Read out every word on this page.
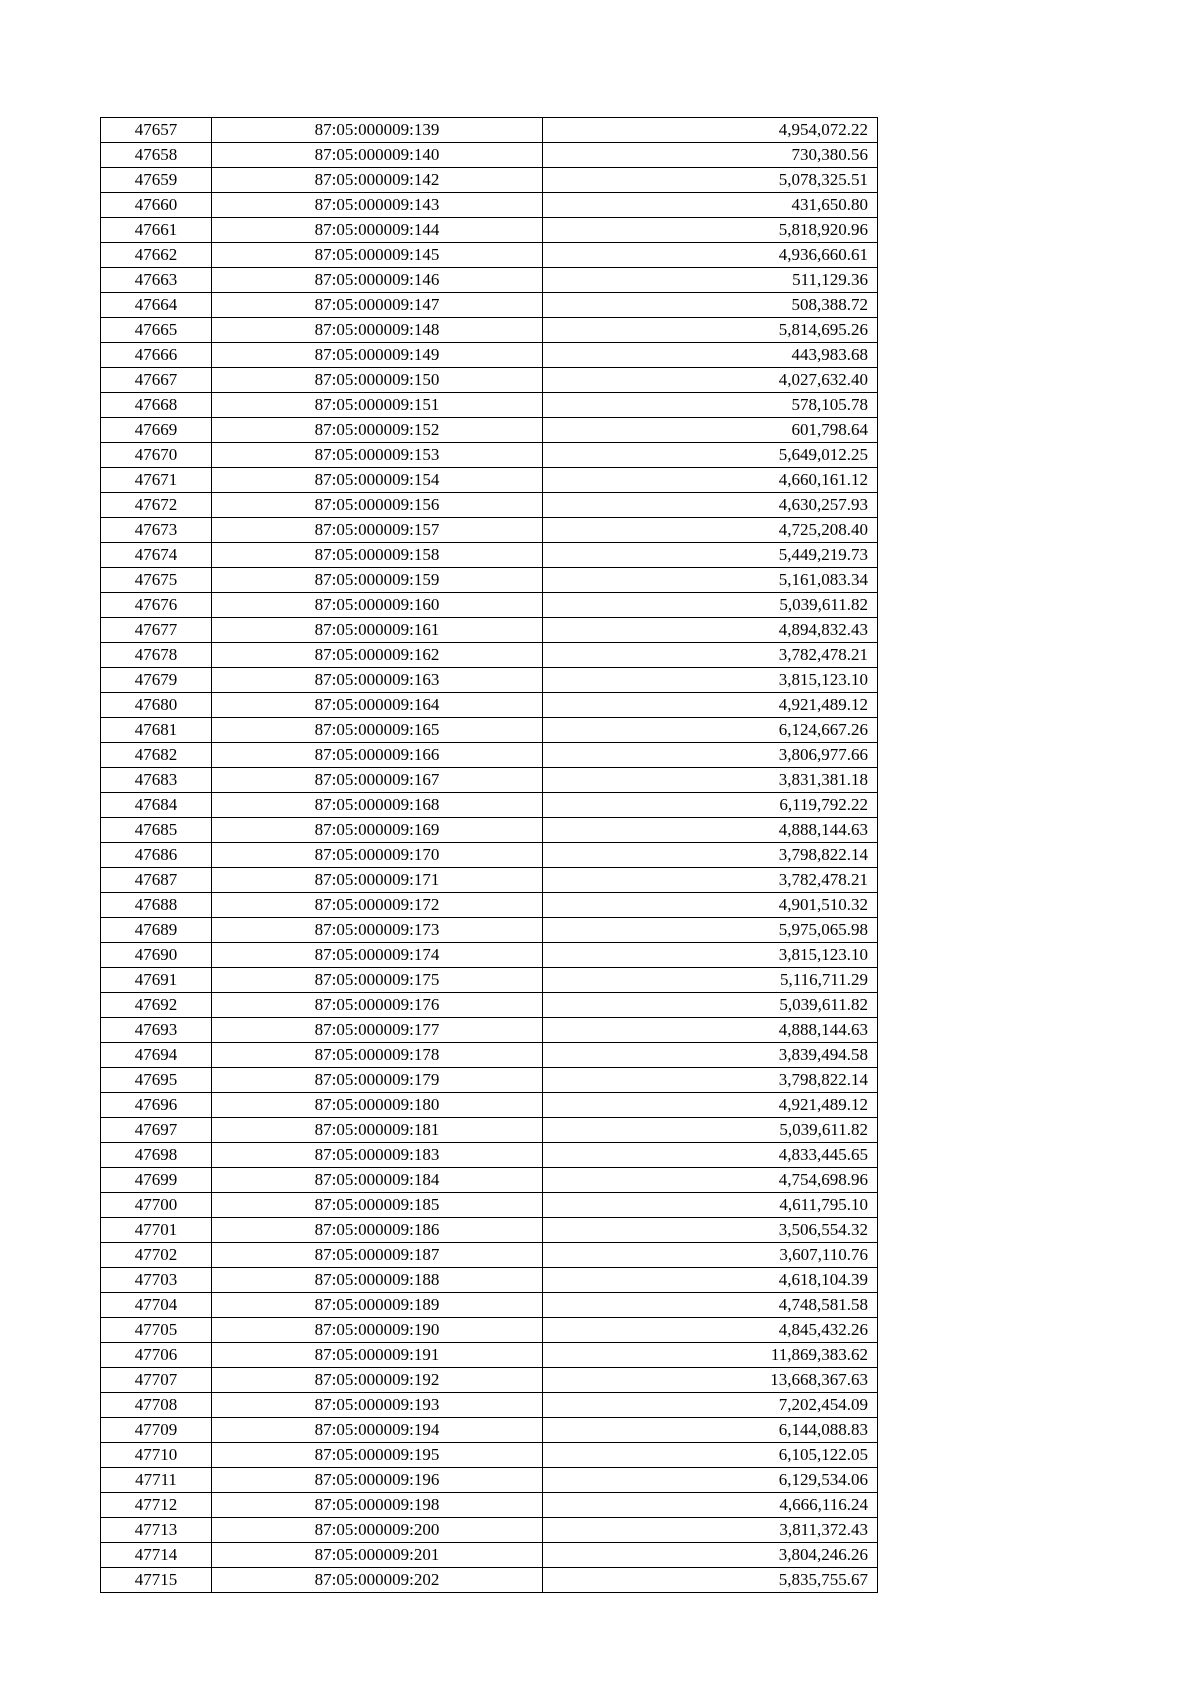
47657	87:05:000009:139	4,954,072.22
47658	87:05:000009:140	730,380.56
47659	87:05:000009:142	5,078,325.51
47660	87:05:000009:143	431,650.80
47661	87:05:000009:144	5,818,920.96
47662	87:05:000009:145	4,936,660.61
47663	87:05:000009:146	511,129.36
47664	87:05:000009:147	508,388.72
47665	87:05:000009:148	5,814,695.26
47666	87:05:000009:149	443,983.68
47667	87:05:000009:150	4,027,632.40
47668	87:05:000009:151	578,105.78
47669	87:05:000009:152	601,798.64
47670	87:05:000009:153	5,649,012.25
47671	87:05:000009:154	4,660,161.12
47672	87:05:000009:156	4,630,257.93
47673	87:05:000009:157	4,725,208.40
47674	87:05:000009:158	5,449,219.73
47675	87:05:000009:159	5,161,083.34
47676	87:05:000009:160	5,039,611.82
47677	87:05:000009:161	4,894,832.43
47678	87:05:000009:162	3,782,478.21
47679	87:05:000009:163	3,815,123.10
47680	87:05:000009:164	4,921,489.12
47681	87:05:000009:165	6,124,667.26
47682	87:05:000009:166	3,806,977.66
47683	87:05:000009:167	3,831,381.18
47684	87:05:000009:168	6,119,792.22
47685	87:05:000009:169	4,888,144.63
47686	87:05:000009:170	3,798,822.14
47687	87:05:000009:171	3,782,478.21
47688	87:05:000009:172	4,901,510.32
47689	87:05:000009:173	5,975,065.98
47690	87:05:000009:174	3,815,123.10
47691	87:05:000009:175	5,116,711.29
47692	87:05:000009:176	5,039,611.82
47693	87:05:000009:177	4,888,144.63
47694	87:05:000009:178	3,839,494.58
47695	87:05:000009:179	3,798,822.14
47696	87:05:000009:180	4,921,489.12
47697	87:05:000009:181	5,039,611.82
47698	87:05:000009:183	4,833,445.65
47699	87:05:000009:184	4,754,698.96
47700	87:05:000009:185	4,611,795.10
47701	87:05:000009:186	3,506,554.32
47702	87:05:000009:187	3,607,110.76
47703	87:05:000009:188	4,618,104.39
47704	87:05:000009:189	4,748,581.58
47705	87:05:000009:190	4,845,432.26
47706	87:05:000009:191	11,869,383.62
47707	87:05:000009:192	13,668,367.63
47708	87:05:000009:193	7,202,454.09
47709	87:05:000009:194	6,144,088.83
47710	87:05:000009:195	6,105,122.05
47711	87:05:000009:196	6,129,534.06
47712	87:05:000009:198	4,666,116.24
47713	87:05:000009:200	3,811,372.43
47714	87:05:000009:201	3,804,246.26
47715	87:05:000009:202	5,835,755.67
